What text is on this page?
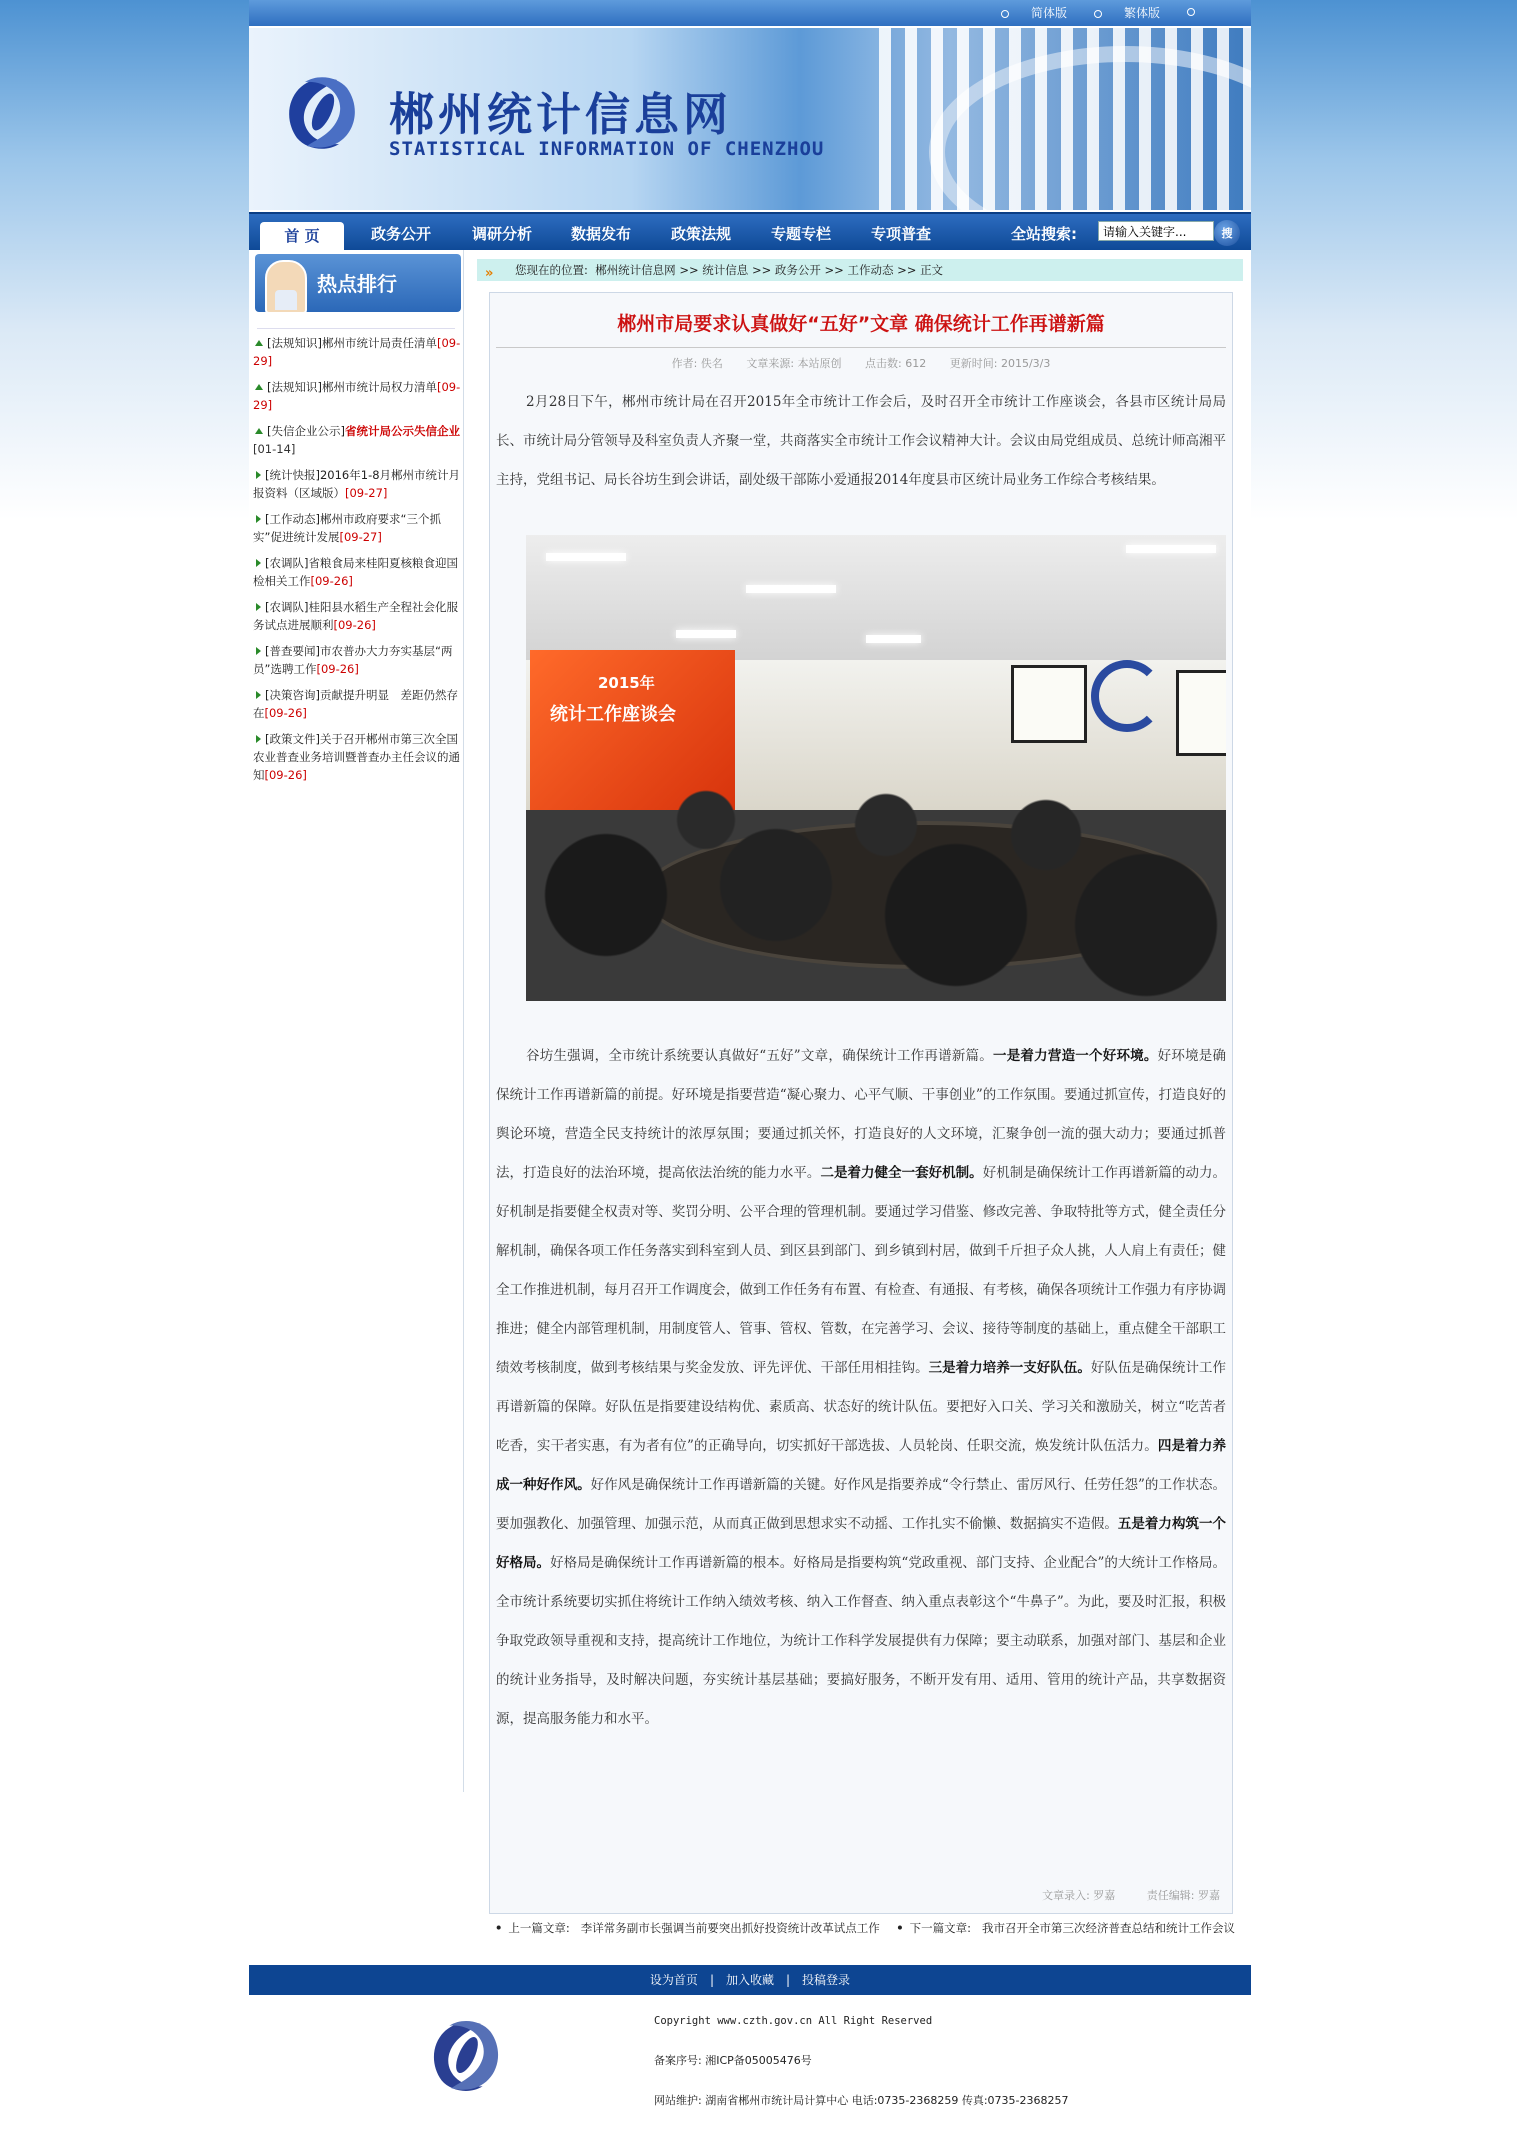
简体版	繁体版
郴州统计信息网
STATISTICAL INFORMATION OF CHENZHOU
首 页	政务公开	调研分析	数据发布	政策法规	专题专栏	专项普查	全站搜索:
请输入关键字...	搜
热点排行
[法规知识]郴州市统计局责任清单[09-29]
[法规知识]郴州市统计局权力清单[09-29]
[失信企业公示]省统计局公示失信企业[01-14]
[统计快报]2016年1-8月郴州市统计月报资料（区域版）[09-27]
[工作动态]郴州市政府要求“三个抓实”促进统计发展[09-27]
[农调队]省粮食局来桂阳夏核粮食迎国检相关工作[09-26]
[农调队]桂阳县水稻生产全程社会化服务试点进展顺利[09-26]
[普查要闻]市农普办大力夯实基层“两员”选聘工作[09-26]
[决策咨询]贡献提升明显　差距仍然存在[09-26]
[政策文件]关于召开郴州市第三次全国农业普查业务培训暨普查办主任会议的通知[09-26]
» 您现在的位置: 郴州统计信息网 >> 统计信息 >> 政务公开 >> 工作动态 >> 正文
郴州市局要求认真做好“五好”文章 确保统计工作再谱新篇
作者: 佚名 文章来源: 本站原创 点击数: 612 更新时间: 2015/3/3
2月28日下午，郴州市统计局在召开2015年全市统计工作会后，及时召开全市统计工作座谈会，各县市区统计局局长、市统计局分管领导及科室负责人齐聚一堂，共商落实全市统计工作会议精神大计。会议由局党组成员、总统计师高湘平主持，党组书记、局长谷坊生到会讲话，副处级干部陈小爱通报2014年度县市区统计局业务工作综合考核结果。
2015年
统计工作座谈会
谷坊生强调，全市统计系统要认真做好“五好”文章，确保统计工作再谱新篇。一是着力营造一个好环境。好环境是确保统计工作再谱新篇的前提。好环境是指要营造“凝心聚力、心平气顺、干事创业”的工作氛围。要通过抓宣传，打造良好的舆论环境，营造全民支持统计的浓厚氛围；要通过抓关怀，打造良好的人文环境，汇聚争创一流的强大动力；要通过抓普法，打造良好的法治环境，提高依法治统的能力水平。二是着力健全一套好机制。好机制是确保统计工作再谱新篇的动力。好机制是指要健全权责对等、奖罚分明、公平合理的管理机制。要通过学习借鉴、修改完善、争取特批等方式，健全责任分解机制，确保各项工作任务落实到科室到人员、到区县到部门、到乡镇到村居，做到千斤担子众人挑，人人肩上有责任；健全工作推进机制，每月召开工作调度会，做到工作任务有布置、有检查、有通报、有考核，确保各项统计工作强力有序协调推进；健全内部管理机制，用制度管人、管事、管权、管数，在完善学习、会议、接待等制度的基础上，重点健全干部职工绩效考核制度，做到考核结果与奖金发放、评先评优、干部任用相挂钩。三是着力培养一支好队伍。好队伍是确保统计工作再谱新篇的保障。好队伍是指要建设结构优、素质高、状态好的统计队伍。要把好入口关、学习关和激励关，树立“吃苦者吃香，实干者实惠，有为者有位”的正确导向，切实抓好干部选拔、人员轮岗、任职交流，焕发统计队伍活力。四是着力养成一种好作风。好作风是确保统计工作再谱新篇的关键。好作风是指要养成“令行禁止、雷厉风行、任劳任怨”的工作状态。要加强教化、加强管理、加强示范，从而真正做到思想求实不动摇、工作扎实不偷懒、数据搞实不造假。五是着力构筑一个好格局。好格局是确保统计工作再谱新篇的根本。好格局是指要构筑“党政重视、部门支持、企业配合”的大统计工作格局。全市统计系统要切实抓住将统计工作纳入绩效考核、纳入工作督查、纳入重点表彰这个“牛鼻子”。为此，要及时汇报，积极争取党政领导重视和支持，提高统计工作地位，为统计工作科学发展提供有力保障；要主动联系，加强对部门、基层和企业的统计业务指导，及时解决问题，夯实统计基层基础；要搞好服务，不断开发有用、适用、管用的统计产品，共享数据资源，提高服务能力和水平。
文章录入: 罗嘉	责任编辑: 罗嘉
• 上一篇文章: 李详常务副市长强调当前要突出抓好投资统计改革试点工作	• 下一篇文章: 我市召开全市第三次经济普查总结和统计工作会议
设为首页 | 加入收藏 | 投稿登录
Copyright www.czth.gov.cn All Right Reserved
备案序号: 湘ICP备05005476号
网站维护: 湖南省郴州市统计局计算中心 电话:0735-2368259 传真:0735-2368257
